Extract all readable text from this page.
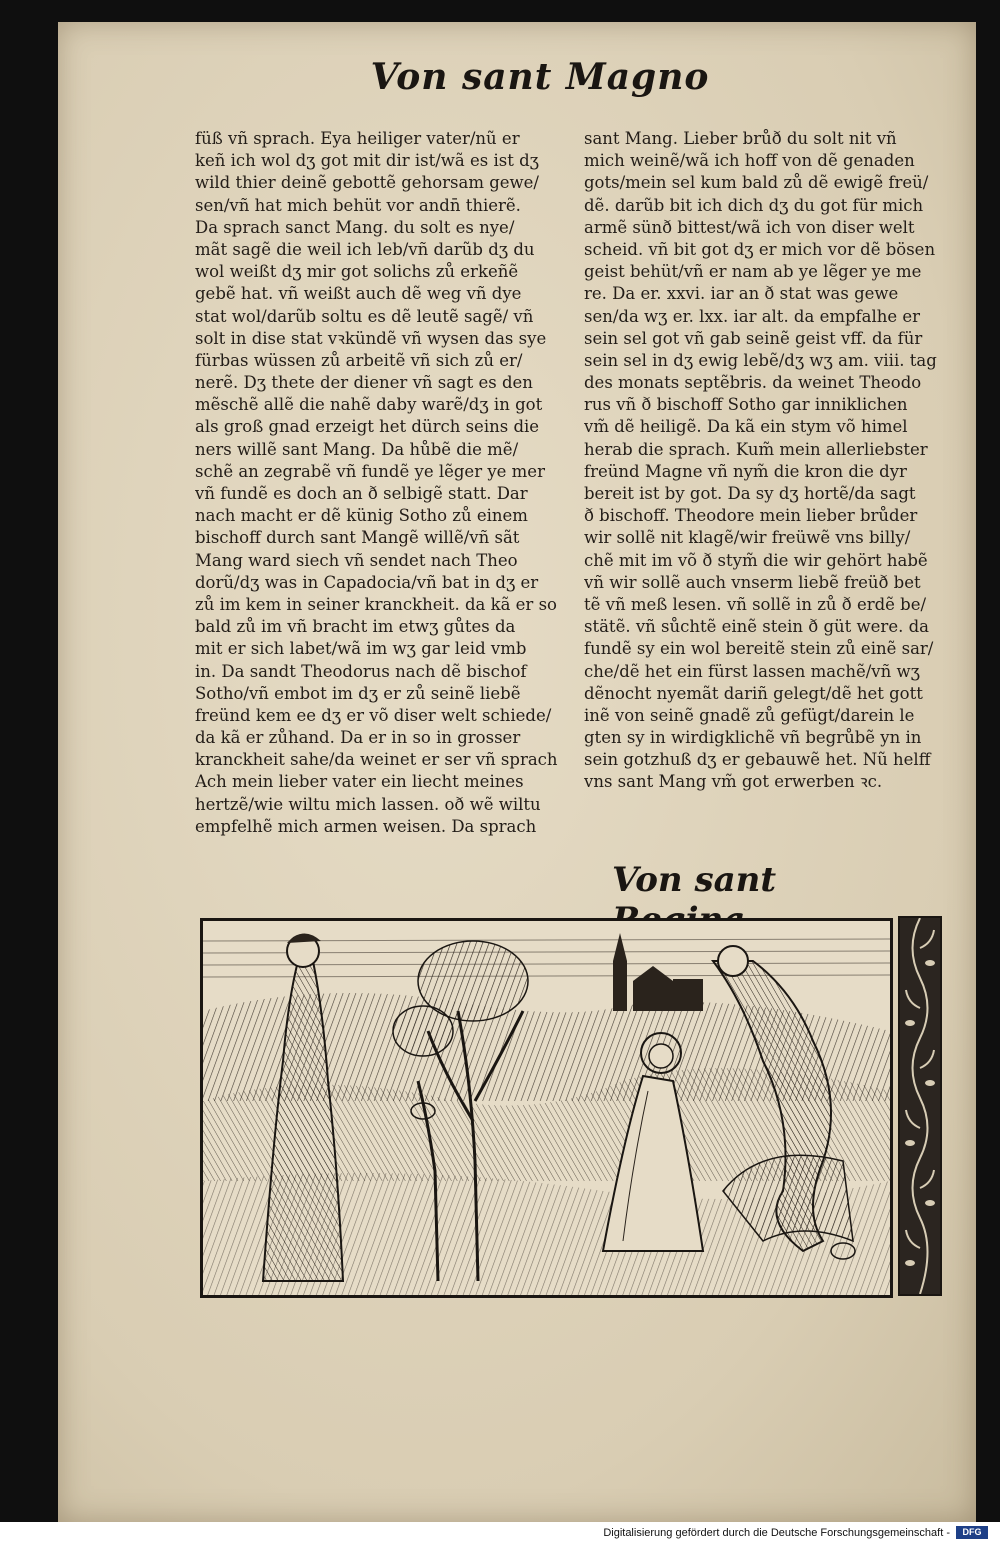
Von sant Magno
füß vñ sprach. Eya heiliger vater/nũ er
keñ ich wol dʒ got mit dir ist/wã es ist dʒ
wild thier deinẽ gebottẽ gehorsam gewe/
sen/vñ hat mich behüt vor andn̄ thierẽ.
Da sprach sanct Mang. du solt es nye/
mãt sagẽ die weil ich leb/vñ darũb dʒ du
wol weißt dʒ mir got solichs zů erkeñẽ
gebẽ hat. vñ weißt auch dẽ weg vñ dye
stat wol/darũb soltu es dẽ leutẽ sagẽ/ vñ
solt in dise stat vꝛkündẽ vñ wysen das sye
fürbas wüssen zů arbeitẽ vñ sich zů er/
nerẽ. Dʒ thete der diener vñ sagt es den
mẽschẽ allẽ die nahẽ daby warẽ/dʒ in got
als groß gnad erzeigt het dürch seins die
ners willẽ sant Mang. Da hůbẽ die mẽ/
schẽ an zegrabẽ vñ fundẽ ye lẽger ye mer
vñ fundẽ es doch an ð selbigẽ statt. Dar
nach macht er dẽ künig Sotho zů einem
bischoff durch sant Mangẽ willẽ/vñ sãt
Mang ward siech vñ sendet nach Theo
dorũ/dʒ was in Capadocia/vñ bat in dʒ er
zů im kem in seiner kranckheit. da kã er so
bald zů im vñ bracht im etwʒ gůtes da
mit er sich labet/wã im wʒ gar leid vmb
in. Da sandt Theodorus nach dẽ bischof
Sotho/vñ embot im dʒ er zů seinẽ liebẽ
freünd kem ee dʒ er võ diser welt schiede/
da kã er zůhand. Da er in so in grosser
kranckheit sahe/da weinet er ser vñ sprach
Ach mein lieber vater ein liecht meines
hertzẽ/wie wiltu mich lassen. oð wẽ wiltu
empfelhẽ mich armen weisen. Da sprach
sant Mang. Lieber brůð du solt nit vñ
mich weinẽ/wã ich hoff von dẽ genaden
gots/mein sel kum bald zů dẽ ewigẽ freü/
dẽ. darũb bit ich dich dʒ du got für mich
armẽ sünð bittest/wã ich von diser welt
scheid. vñ bit got dʒ er mich vor dẽ bösen
geist behüt/vñ er nam ab ye lẽger ye me
re. Da er. xxvi. iar an ð stat was gewe
sen/da wʒ er. lxx. iar alt. da empfalhe er
sein sel got vñ gab seinẽ geist vff. da für
sein sel in dʒ ewig lebẽ/dʒ wʒ am. viii. tag
des monats septẽbris. da weinet Theodo
rus vñ ð bischoff Sotho gar inniklichen
vm̃ dẽ heiligẽ. Da kã ein stym võ himel
herab die sprach. Kum̃ mein allerliebster
freünd Magne vñ nym̃ die kron die dyr
bereit ist by got. Da sy dʒ hortẽ/da sagt
ð bischoff. Theodore mein lieber brůder
wir sollẽ nit klagẽ/wir freüwẽ vns billy/
chẽ mit im võ ð stym̃ die wir gehört habẽ
vñ wir sollẽ auch vnserm liebẽ freüð bet
tẽ vñ meß lesen. vñ sollẽ in zů ð erdẽ be/
stätẽ. vñ sůchtẽ einẽ stein ð güt were. da
fundẽ sy ein wol bereitẽ stein zů einẽ sar/
che/dẽ het ein fürst lassen machẽ/vñ wʒ
dẽnocht nyemãt dariñ gelegt/dẽ het gott
inẽ von seinẽ gnadẽ zů gefügt/darein le
gten sy in wirdigklichẽ vñ begrůbẽ yn in
sein gotzhuß dʒ er gebauwẽ het. Nũ helff
vns sant Mang vm̃ got erwerben ꝛc.
Von sant
Digitalisierung gefördert durch die Deutsche Forschungsgemeinschaft -	DFG
